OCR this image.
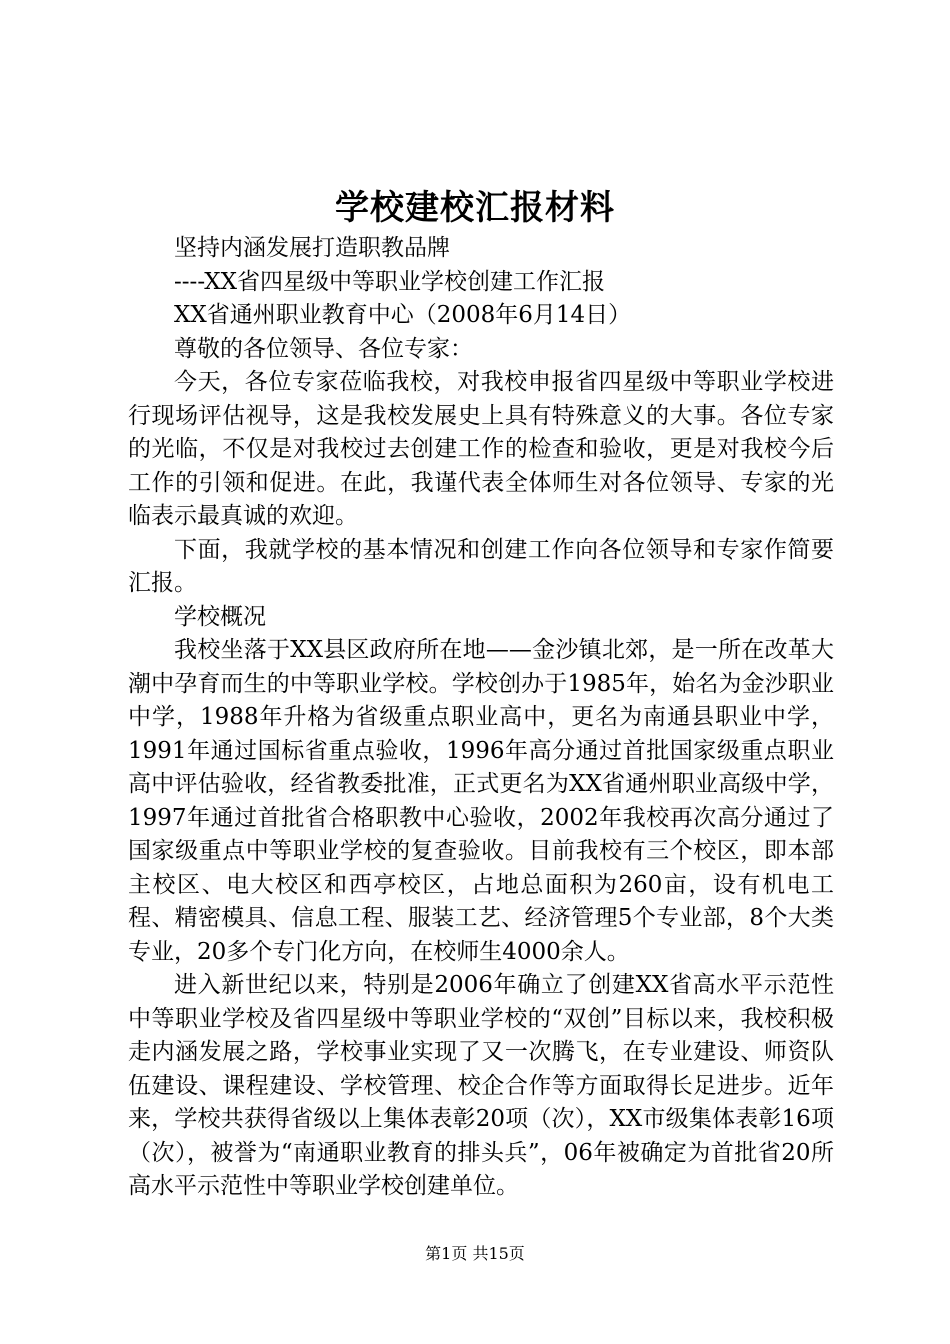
学校建校汇报材料

坚持内涵发展打造职教品牌

----XX省四星级中等职业学校创建工作汇报

XX省通州职业教育中心（2008年6月14日）

尊敬的各位领导、各位专家：

今天，各位专家莅临我校，对我校申报省四星级中等职业学校进行现场评估视导，这是我校发展史上具有特殊意义的大事。各位专家的光临，不仅是对我校过去创建工作的检查和验收，更是对我校今后工作的引领和促进。在此，我谨代表全体师生对各位领导、专家的光临表示最真诚的欢迎。

下面，我就学校的基本情况和创建工作向各位领导和专家作简要汇报。

学校概况

我校坐落于XX县区政府所在地——金沙镇北郊，是一所在改革大潮中孕育而生的中等职业学校。学校创办于1985年，始名为金沙职业中学，1988年升格为省级重点职业高中，更名为南通县职业中学，1991年通过国标省重点验收，1996年高分通过首批国家级重点职业高中评估验收，经省教委批准，正式更名为XX省通州职业高级中学，1997年通过首批省合格职教中心验收，2002年我校再次高分通过了国家级重点中等职业学校的复查验收。目前我校有三个校区，即本部主校区、电大校区和西亭校区，占地总面积为260亩，设有机电工程、精密模具、信息工程、服装工艺、经济管理5个专业部，8个大类专业，20多个专门化方向，在校师生4000余人。

进入新世纪以来，特别是2006年确立了创建XX省高水平示范性中等职业学校及省四星级中等职业学校的“双创”目标以来，我校积极走内涵发展之路，学校事业实现了又一次腾飞，在专业建设、师资队伍建设、课程建设、学校管理、校企合作等方面取得长足进步。近年来，学校共获得省级以上集体表彰20项（次），XX市级集体表彰16项（次），被誉为“南通职业教育的排头兵”，06年被确定为首批省20所高水平示范性中等职业学校创建单位。

第1页 共15页
